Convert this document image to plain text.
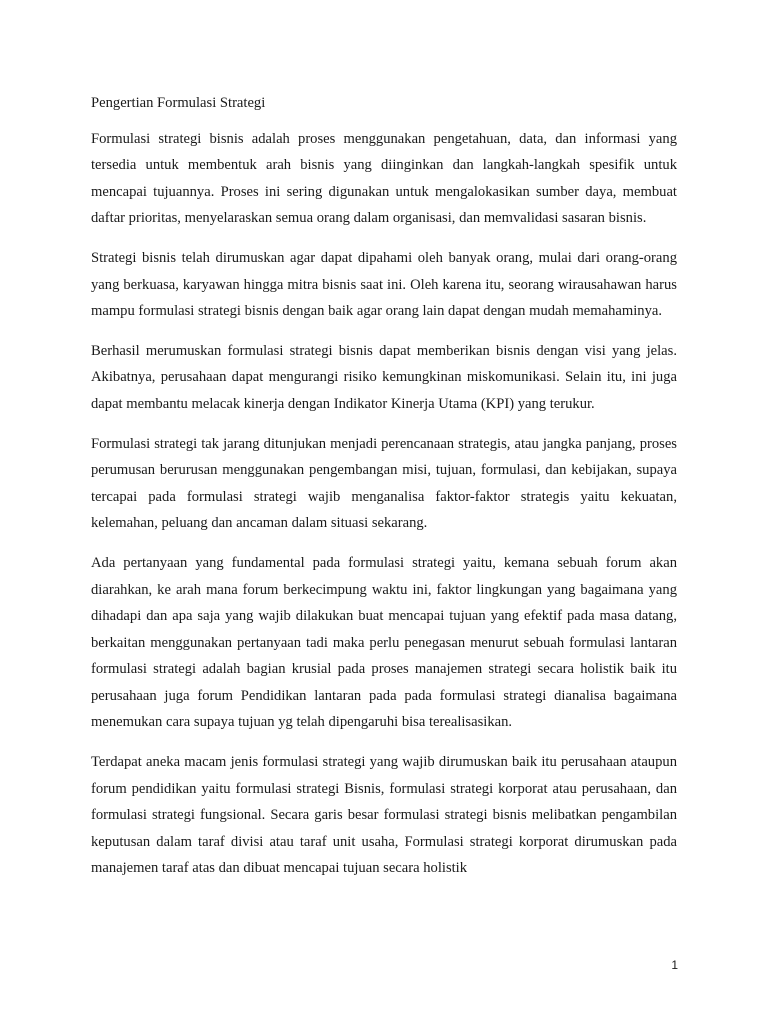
Pengertian Formulasi Strategi

Formulasi strategi bisnis adalah proses menggunakan pengetahuan, data, dan informasi yang tersedia untuk membentuk arah bisnis yang diinginkan dan langkah-langkah spesifik untuk mencapai tujuannya. Proses ini sering digunakan untuk mengalokasikan sumber daya, membuat daftar prioritas, menyelaraskan semua orang dalam organisasi, dan memvalidasi sasaran bisnis.

Strategi bisnis telah dirumuskan agar dapat dipahami oleh banyak orang, mulai dari orang-orang yang berkuasa, karyawan hingga mitra bisnis saat ini. Oleh karena itu, seorang wirausahawan harus mampu formulasi strategi bisnis dengan baik agar orang lain dapat dengan mudah memahaminya.

Berhasil merumuskan formulasi strategi bisnis dapat memberikan bisnis dengan visi yang jelas. Akibatnya, perusahaan dapat mengurangi risiko kemungkinan miskomunikasi. Selain itu, ini juga dapat membantu melacak kinerja dengan Indikator Kinerja Utama (KPI) yang terukur.

Formulasi strategi tak jarang ditunjukan menjadi perencanaan strategis, atau jangka panjang, proses perumusan berurusan menggunakan pengembangan misi, tujuan, formulasi, dan kebijakan, supaya tercapai pada formulasi strategi wajib menganalisa faktor-faktor strategis yaitu kekuatan, kelemahan, peluang dan ancaman dalam situasi sekarang.

Ada pertanyaan yang fundamental pada formulasi strategi yaitu, kemana sebuah forum akan diarahkan, ke arah mana forum berkecimpung waktu ini, faktor lingkungan yang bagaimana yang dihadapi dan apa saja yang wajib dilakukan buat mencapai tujuan yang efektif pada masa datang, berkaitan menggunakan pertanyaan tadi maka perlu penegasan menurut sebuah formulasi lantaran formulasi strategi adalah bagian krusial pada proses manajemen strategi secara holistik baik itu perusahaan juga forum Pendidikan lantaran pada pada formulasi strategi dianalisa bagaimana menemukan cara supaya tujuan yg telah dipengaruhi bisa terealisasikan.

Terdapat aneka macam jenis formulasi strategi yang wajib dirumuskan baik itu perusahaan ataupun forum pendidikan yaitu formulasi strategi Bisnis, formulasi strategi korporat atau perusahaan, dan formulasi strategi fungsional. Secara garis besar formulasi strategi bisnis melibatkan pengambilan keputusan dalam taraf divisi atau taraf unit usaha, Formulasi strategi korporat dirumuskan pada manajemen taraf atas dan dibuat mencapai tujuan secara holistik

1
